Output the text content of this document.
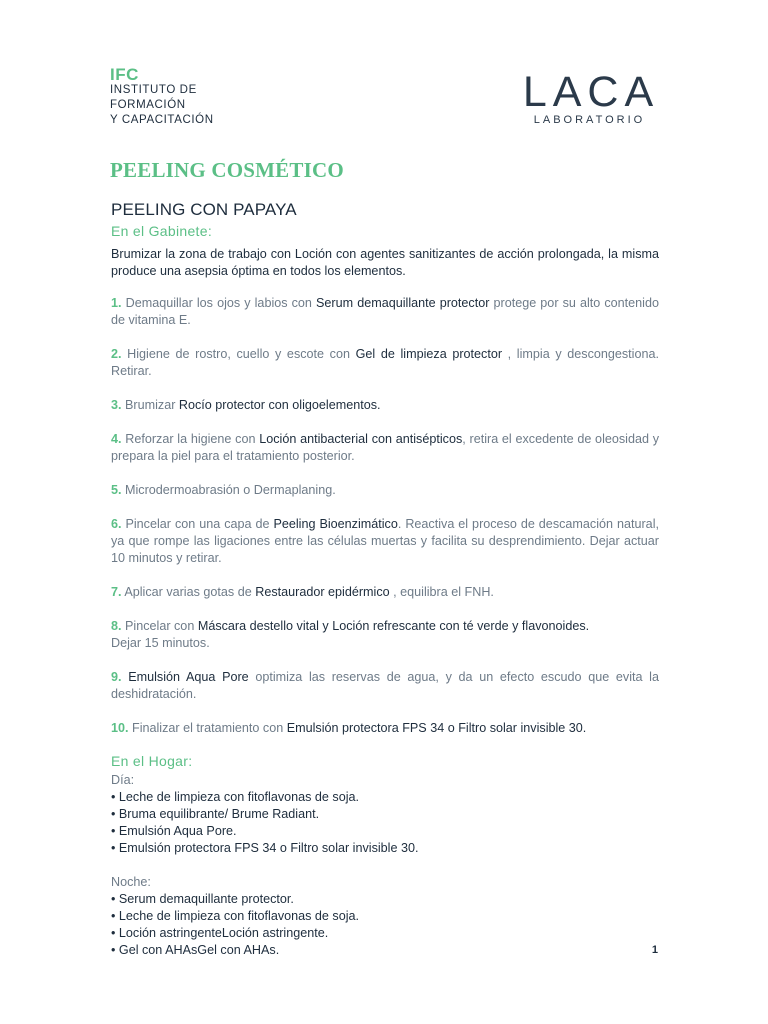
IFC
INSTITUTO DE
FORMACIÓN
Y CAPACITACIÓN
LACA
LABORATORIO
PEELING COSMÉTICO
PEELING CON PAPAYA
En el Gabinete:
Brumizar la zona de trabajo con Loción con agentes sanitizantes de acción prolongada, la misma produce una asepsia óptima en todos los elementos.
1. Demaquillar los ojos y labios con Serum demaquillante protector protege por su alto contenido de vitamina E.
2. Higiene de rostro, cuello y escote con Gel de limpieza protector , limpia y descongestiona. Retirar.
3. Brumizar Rocío protector con oligoelementos.
4. Reforzar la higiene con Loción antibacterial con antisépticos, retira el excedente de oleosidad y prepara la piel para el tratamiento posterior.
5. Microdermoabrasión o Dermaplaning.
6. Pincelar con una capa de Peeling Bioenzimático. Reactiva el proceso de descamación natural, ya que rompe las ligaciones entre las células muertas y facilita su desprendimiento. Dejar actuar 10 minutos y retirar.
7. Aplicar varias gotas de Restaurador epidérmico , equilibra el FNH.
8. Pincelar con Máscara destello vital y Loción refrescante con té verde y flavonoides.
Dejar 15 minutos.
9. Emulsión Aqua Pore optimiza las reservas de agua, y da un efecto escudo que evita la deshidratación.
10. Finalizar el tratamiento con Emulsión protectora FPS 34 o Filtro solar invisible 30.
En el Hogar:
Día:
• Leche de limpieza con fitoflavonas de soja.
• Bruma equilibrante/ Brume Radiant.
• Emulsión Aqua Pore.
• Emulsión protectora FPS 34 o Filtro solar invisible 30.
Noche:
• Serum demaquillante protector.
• Leche de limpieza con fitoflavonas de soja.
• Loción astringenteLoción astringente.
• Gel con AHAsGel con AHAs.	1
